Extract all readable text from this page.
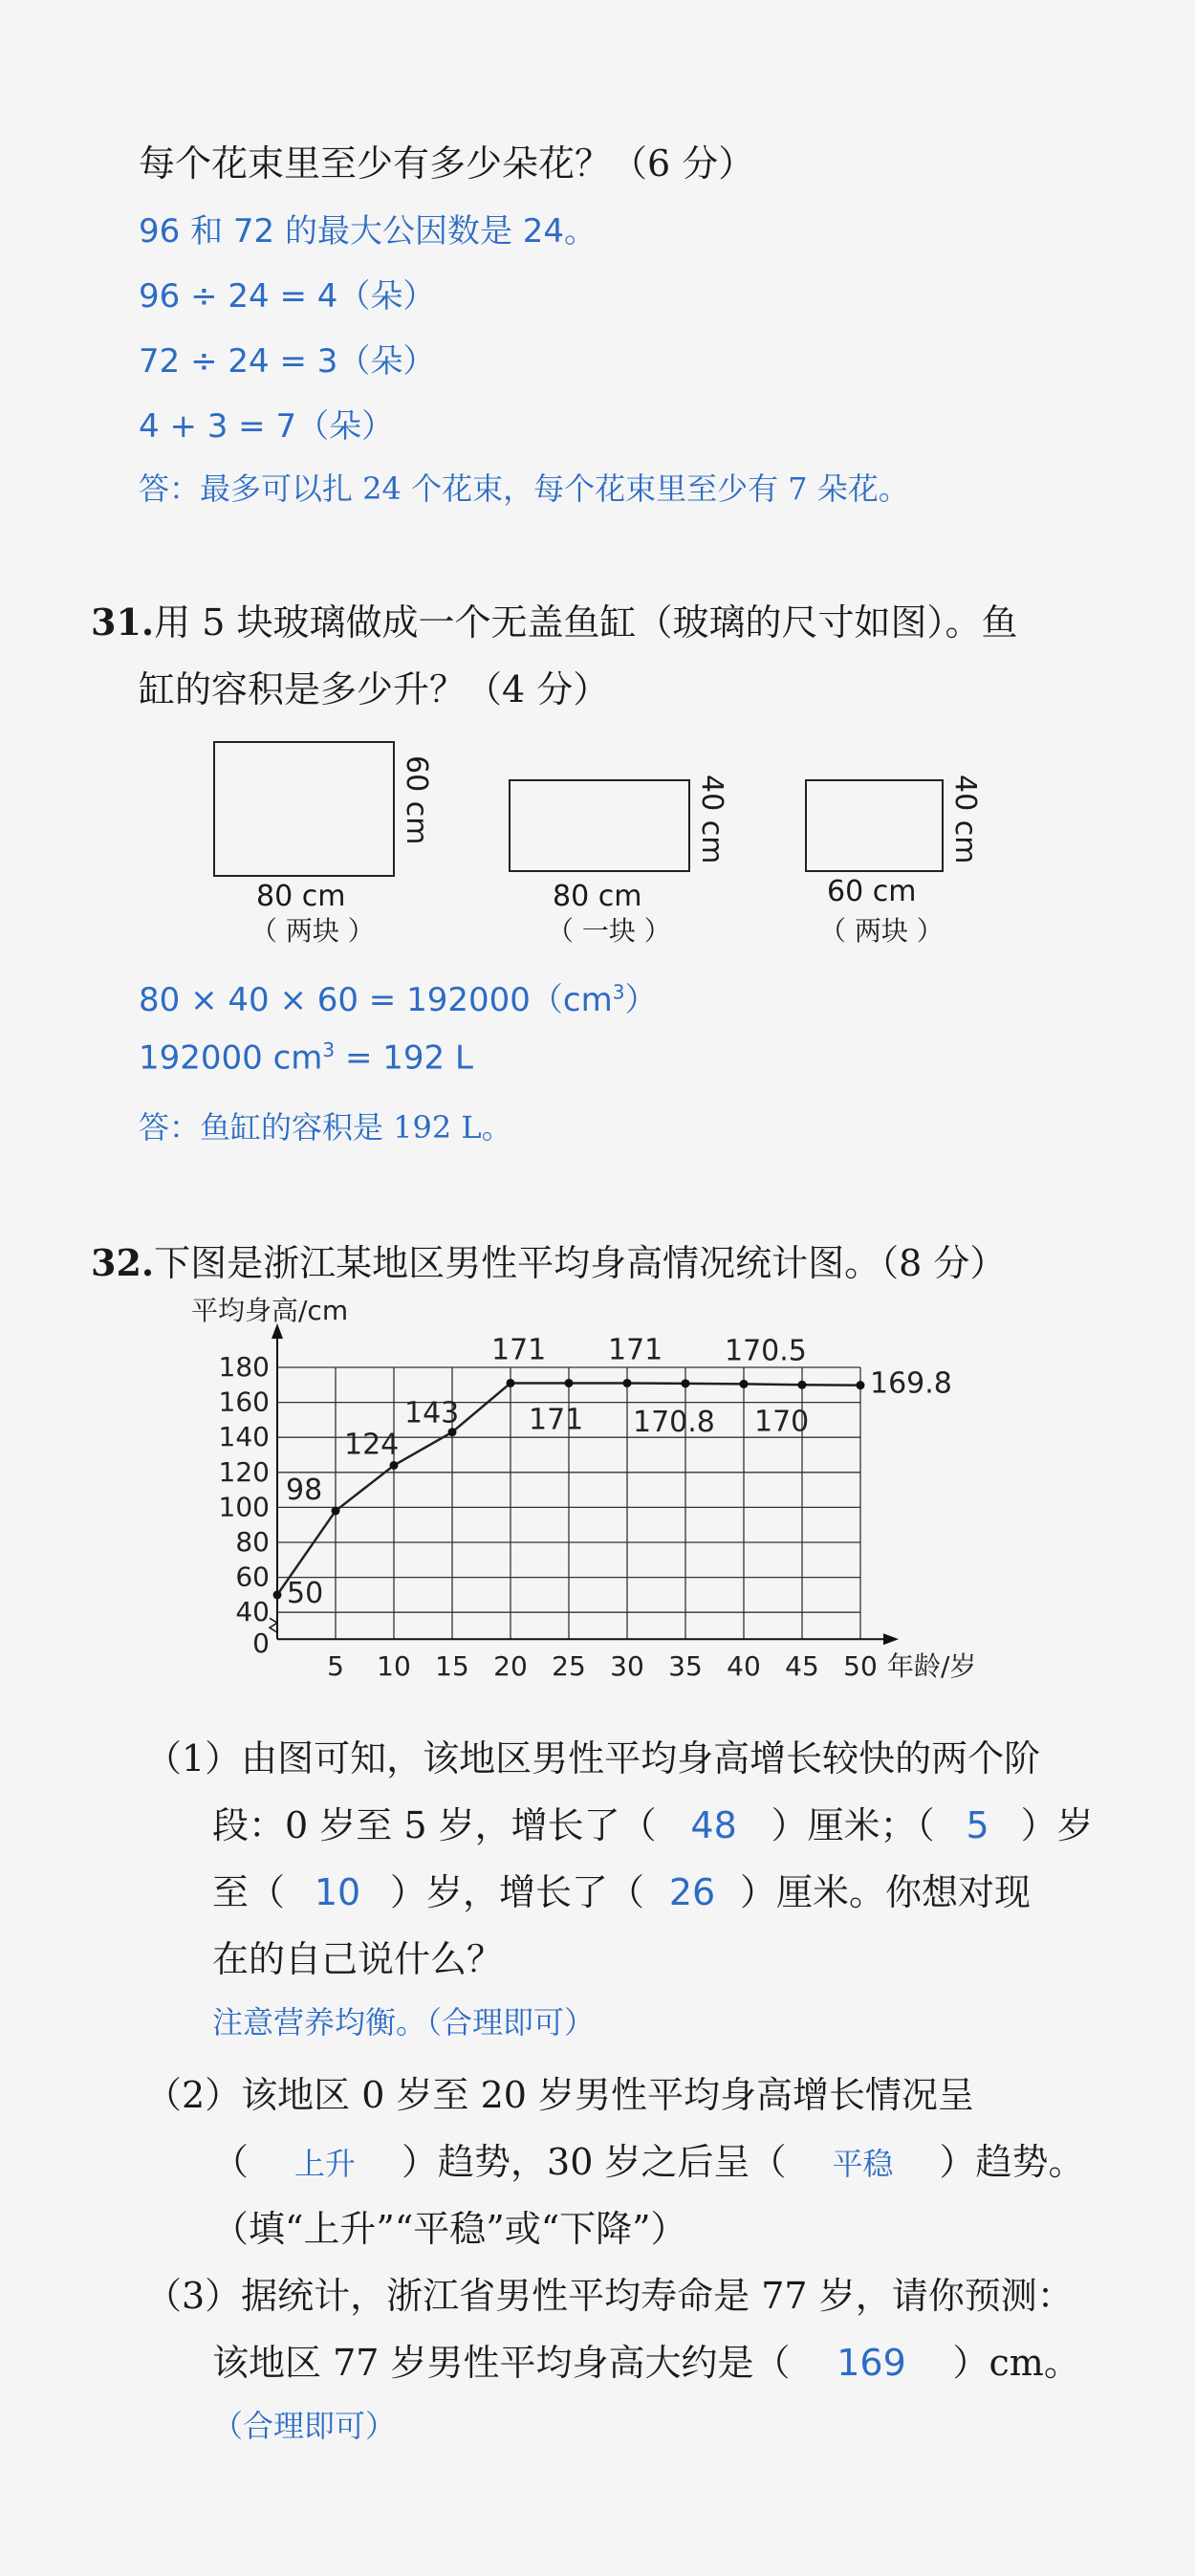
每个花束里至少有多少朵花？（6 分）
96 和 72 的最大公因数是 24。
96 ÷ 24 = 4（朵）
72 ÷ 24 = 3（朵）
4 + 3 = 7（朵）
答：最多可以扎 24 个花束，每个花束里至少有 7 朵花。
31.用 5 块玻璃做成一个无盖鱼缸（玻璃的尺寸如图）。鱼
缸的容积是多少升？（4 分）
60 cm
80 cm
（ 两块 ）
40 cm
80 cm
（ 一块 ）
40 cm
60 cm
（ 两块 ）
$80 \times 40 \times 60 = 192000(cm^3)$
192000 $cm^3 = 192$ L
答：鱼缸的容积是 192 L。
32.下图是浙江某地区男性平均身高情况统计图。（8 分）
40
60
80
100
120
140
160
180
0
5 10 15 20 25 30 35 40 45 50
平均身高/cm
年龄/岁
50
98
124
143
171
171
171
170.8
170.5
170
169.8
（1）由图可知，该地区男性平均身高增长较快的两个阶
段：0 岁至 5 岁，增长了（ 48 ）厘米；（ 5 ）岁
至（ 10 ）岁，增长了（ 26 ）厘米。你想对现
在的自己说什么？
注意营养均衡。（合理即可）
（2）该地区 0 岁至 20 岁男性平均身高增长情况呈
（ 上升 ）趋势，30 岁之后呈（ 平稳 ）趋势。
（填“上升”“平稳”或“下降”）
（3）据统计，浙江省男性平均寿命是 77 岁，请你预测：
该地区 77 岁男性平均身高大约是（ 169 ）cm。
（合理即可）
